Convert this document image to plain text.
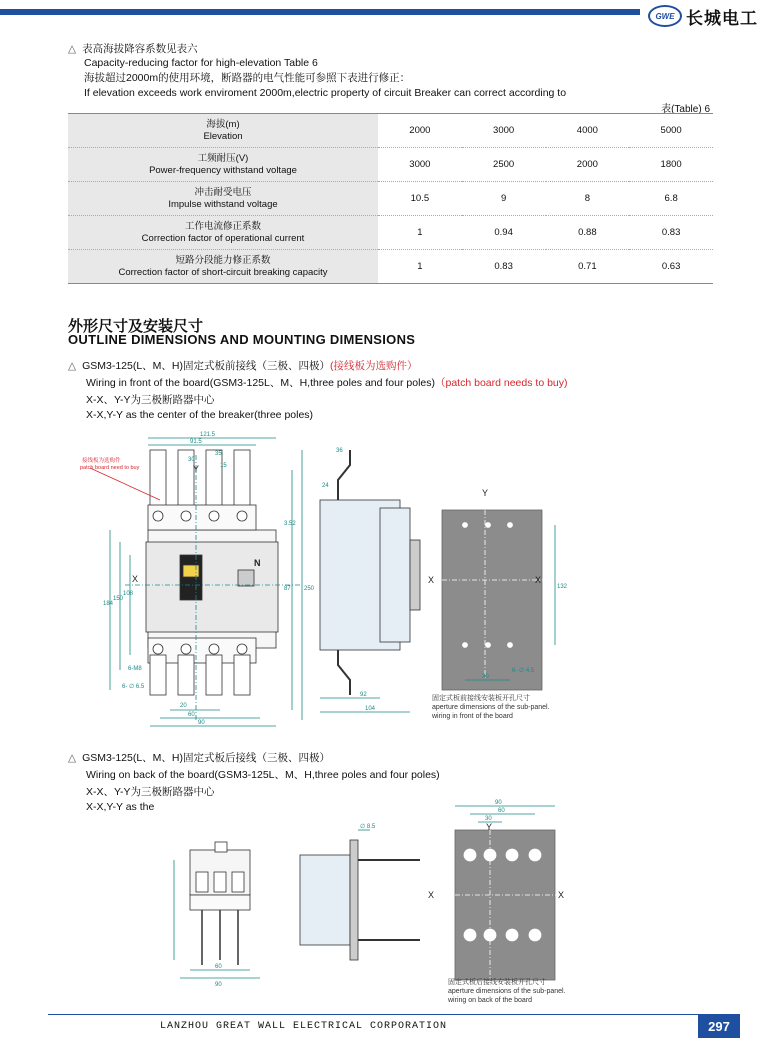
GWE 长城电工
△ 表高海拔降容系数见表六
Capacity-reducing factor for high-elevation Table 6
海拔超过2000m的使用环境，断路器的电气性能可参照下表进行修正：
If elevation exceeds work enviroment 2000m,electric property of circuit Breaker can correct according to
表(Table) 6
海拔(m)
Elevation	2000	3000	4000	5000

工频耐压(V)
Power-frequency withstand voltage	3000	2500	2000	1800

冲击耐受电压
Impulse withstand voltage	10.5	9	8	6.8

工作电流修正系数
Correction factor of operational current	1	0.94	0.88	0.83

短路分段能力修正系数
Correction factor of short-circuit breaking capacity	1	0.83	0.71	0.63
外形尺寸及安装尺寸
OUTLINE DIMENSIONS AND MOUNTING DIMENSIONS
△ GSM3-125(L、M、H)固定式板前接线（三极、四极）(接线板为选购件）
Wiring in front of the board(GSM3-125L、M、H,three poles and four poles)（patch board needs to buy)
X-X、Y-Y为三极断路器中心
X-X,Y-Y as the center of the breaker(three poles)
121.5
91.5
30
15
35
184
150
108
3.52
87 250
20
60
90
6-M8
6- ∅ 6.5
36
24
92
104
30
6- ∅ 4.5
132
Y
X
N
Y
X	X
接线板为选购件
patch board need to buy
固定式板前接线安装板开孔尺寸
aperture dimensions of the sub-panel.
wiring in front of the board
△ GSM3-125(L、M、H)固定式板后接线（三极、四极）
Wiring on back of the board(GSM3-125L、M、H,three poles and four poles)
X-X、Y-Y为三极断路器中心
X-X,Y-Y as the	90
60
30
∅ 8.5
60
90
Y
X	X
固定式板后接线安装板开孔尺寸
aperture dimensions of the sub-panel.
wiring on back of the board
LANZHOU GREAT WALL ELECTRICAL CORPORATION	297
